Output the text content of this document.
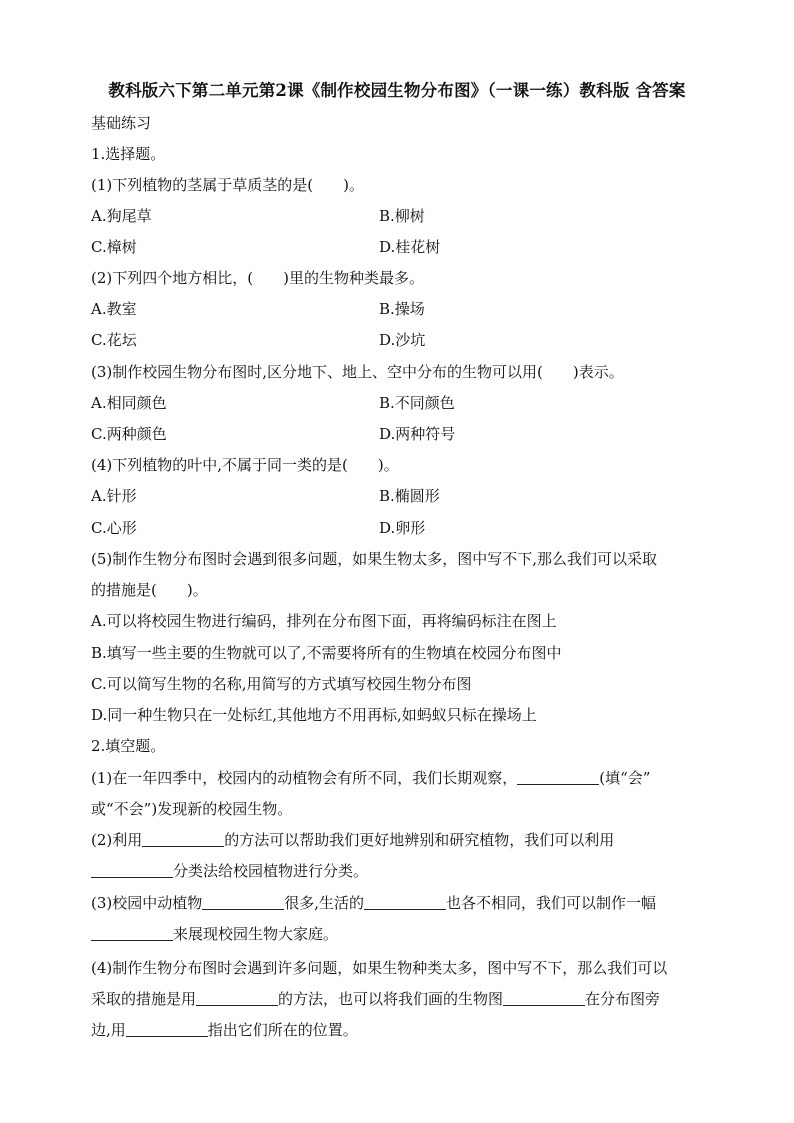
教科版六下第二单元第2课《制作校园生物分布图》（一课一练）教科版 含答案
基础练习
1.选择题。
(1)下列植物的茎属于草质茎的是(　　)。
A.狗尾草	B.柳树
C.樟树	D.桂花树
(2)下列四个地方相比，(　　)里的生物种类最多。
A.教室	B.操场
C.花坛	D.沙坑
(3)制作校园生物分布图时,区分地下、地上、空中分布的生物可以用(　　)表示。
A.相同颜色	B.不同颜色
C.两种颜色	D.两种符号
(4)下列植物的叶中,不属于同一类的是(　　)。
A.针形	B.椭圆形
C.心形	D.卵形
(5)制作生物分布图时会遇到很多问题，如果生物太多，图中写不下,那么我们可以采取
的措施是(　　)。
A.可以将校园生物进行编码，排列在分布图下面，再将编码标注在图上
B.填写一些主要的生物就可以了,不需要将所有的生物填在校园分布图中
C.可以简写生物的名称,用简写的方式填写校园生物分布图
D.同一种生物只在一处标红,其他地方不用再标,如蚂蚁只标在操场上
2.填空题。
(1)在一年四季中，校园内的动植物会有所不同，我们长期观察，	(填“会”
或“不会”)发现新的校园生物。
(2)利用	的方法可以帮助我们更好地辨别和研究植物，我们可以利用
分类法给校园植物进行分类。
(3)校园中动植物	很多,生活的	也各不相同，我们可以制作一幅
来展现校园生物大家庭。
(4)制作生物分布图时会遇到许多问题，如果生物种类太多，图中写不下，那么我们可以
采取的措施是用	的方法，也可以将我们画的生物图	在分布图旁
边,用	指出它们所在的位置。
